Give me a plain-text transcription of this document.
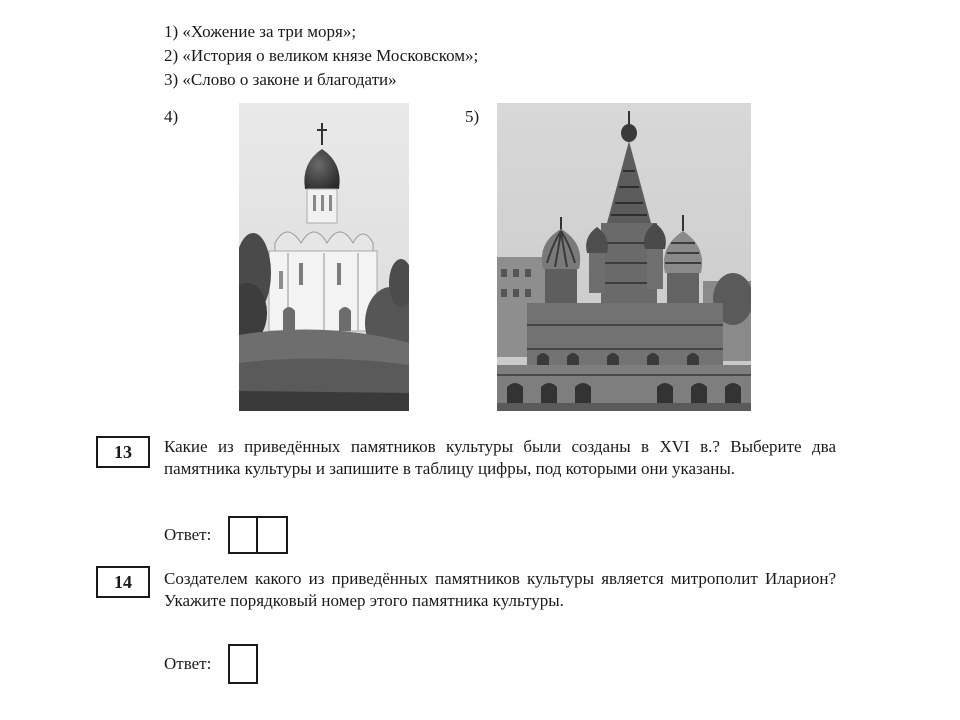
1) «Хожение за три моря»;
2) «История о великом князе Московском»;
3) «Слово о законе и благодати»
4)	5)
13 Какие из приведённых памятников культуры были созданы в XVI в.? Выберите два памятника культуры и запишите в таблицу цифры, под которыми они указаны.
Ответ:
14 Создателем какого из приведённых памятников культуры является митрополит Иларион? Укажите порядковый номер этого памятника культуры.
Ответ:
